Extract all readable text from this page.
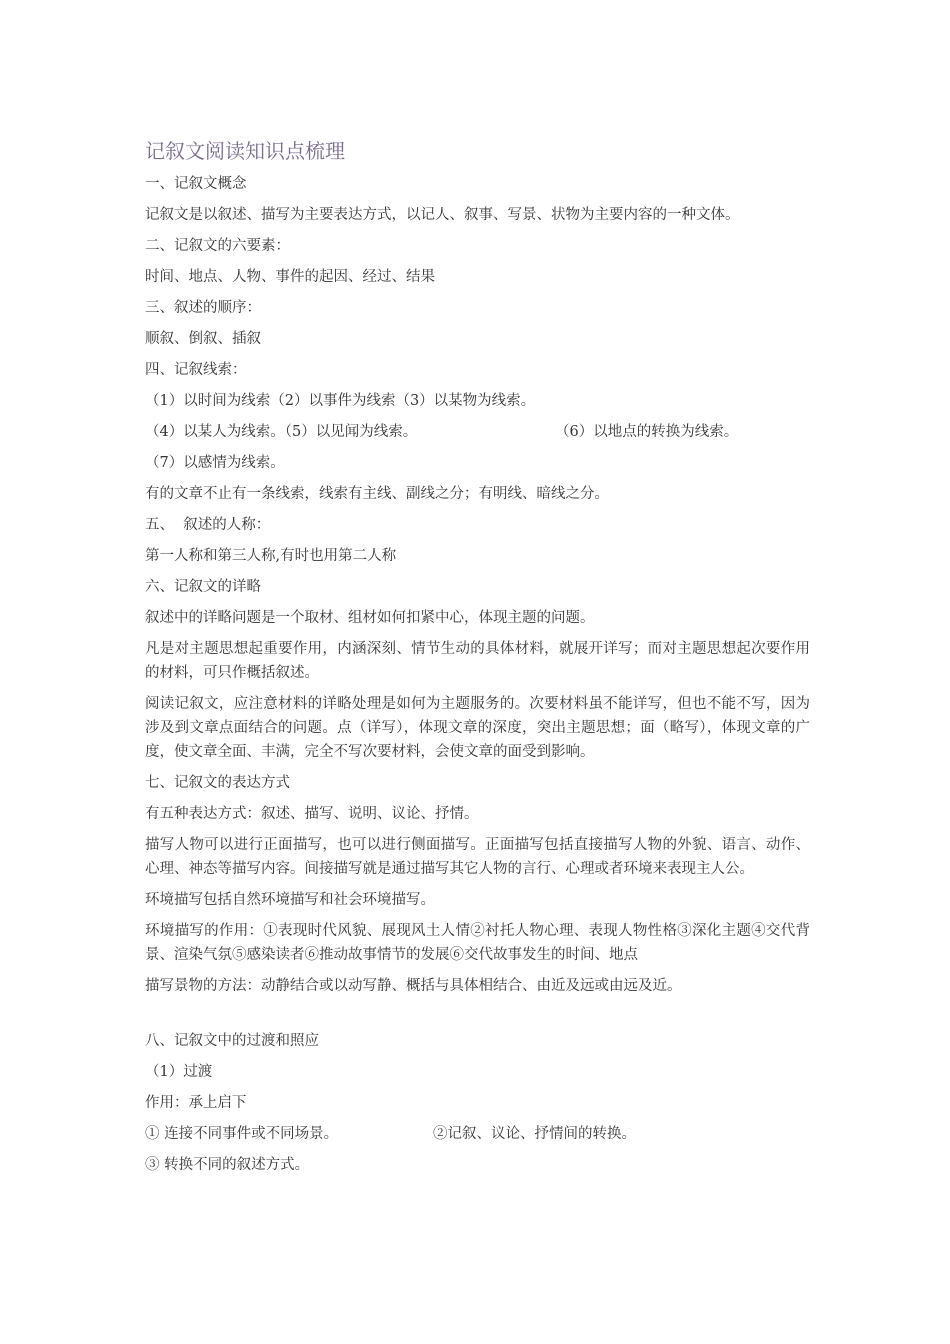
记叙文阅读知识点梳理
一、记叙文概念
记叙文是以叙述、描写为主要表达方式，以记人、叙事、写景、状物为主要内容的一种文体。
二、记叙文的六要素：
时间、地点、人物、事件的起因、经过、结果
三、叙述的顺序：
顺叙、倒叙、插叙
四、记叙线索：
（1）以时间为线索（2）以事件为线索（3）以某物为线索。
（4）以某人为线索。（5）以见闻为线索。	（6）以地点的转换为线索。
（7）以感情为线索。
有的文章不止有一条线索，线索有主线、副线之分；有明线、暗线之分。
五、  叙述的人称：
第一人称和第三人称,有时也用第二人称
六、记叙文的详略
叙述中的详略问题是一个取材、组材如何扣紧中心，体现主题的问题。
凡是对主题思想起重要作用，内涵深刻、情节生动的具体材料，就展开详写；而对主题思想起次要作用的材料，可只作概括叙述。
阅读记叙文，应注意材料的详略处理是如何为主题服务的。次要材料虽不能详写，但也不能不写，因为涉及到文章点面结合的问题。点（详写），体现文章的深度，突出主题思想；面（略写），体现文章的广度，使文章全面、丰满，完全不写次要材料，会使文章的面受到影响。
七、记叙文的表达方式
有五种表达方式：叙述、描写、说明、议论、抒情。
描写人物可以进行正面描写，也可以进行侧面描写。正面描写包括直接描写人物的外貌、语言、动作、心理、神态等描写内容。间接描写就是通过描写其它人物的言行、心理或者环境来表现主人公。
环境描写包括自然环境描写和社会环境描写。
环境描写的作用：①表现时代风貌、展现风土人情②衬托人物心理、表现人物性格③深化主题④交代背景、渲染气氛⑤感染读者⑥推动故事情节的发展⑥交代故事发生的时间、地点
描写景物的方法：动静结合或以动写静、概括与具体相结合、由近及远或由远及近。
八、记叙文中的过渡和照应
（1）过渡
作用：承上启下
① 连接不同事件或不同场景。	②记叙、议论、抒情间的转换。
③ 转换不同的叙述方式。
